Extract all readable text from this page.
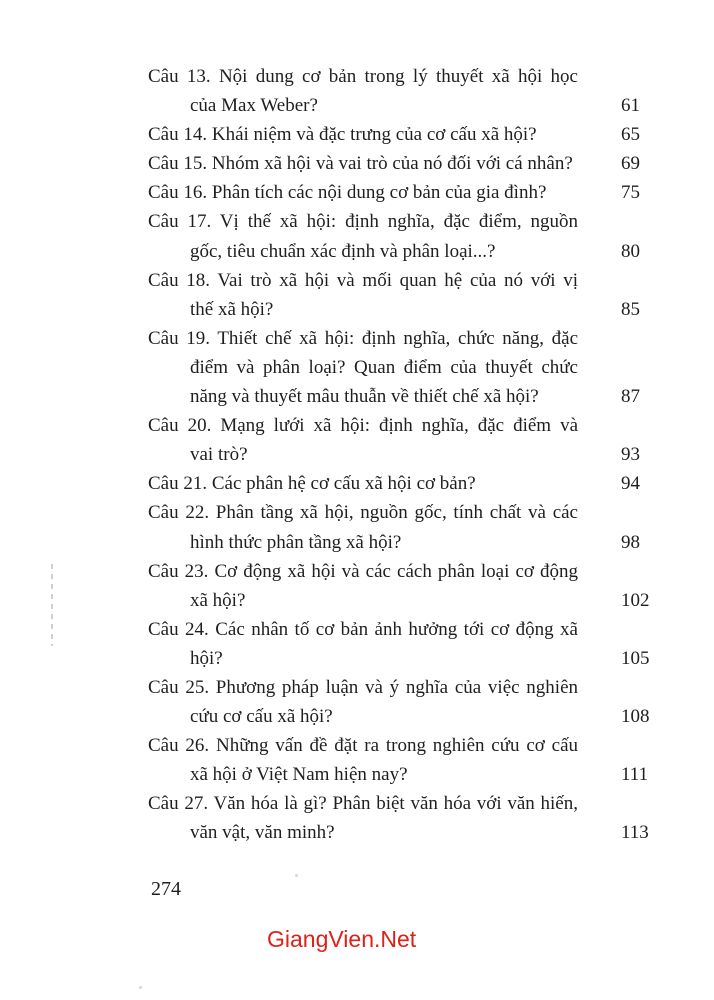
Câu 13. Nội dung cơ bản trong lý thuyết xã hội học
của Max Weber?	61
Câu 14. Khái niệm và đặc trưng của cơ cấu xã hội?	65
Câu 15. Nhóm xã hội và vai trò của nó đối với cá nhân?	69
Câu 16. Phân tích các nội dung cơ bản của gia đình?	75
Câu 17. Vị thế xã hội: định nghĩa, đặc điểm, nguồn
gốc, tiêu chuẩn xác định và phân loại...?	80
Câu 18. Vai trò xã hội và mối quan hệ của nó với vị
thế xã hội?	85
Câu 19. Thiết chế xã hội: định nghĩa, chức năng, đặc
điểm và phân loại? Quan điểm của thuyết chức
năng và thuyết mâu thuẫn về thiết chế xã hội?	87
Câu 20. Mạng lưới xã hội: định nghĩa, đặc điểm và
vai trò?	93
Câu 21. Các phân hệ cơ cấu xã hội cơ bản?	94
Câu 22. Phân tầng xã hội, nguồn gốc, tính chất và các
hình thức phân tầng xã hội?	98
Câu 23. Cơ động xã hội và các cách phân loại cơ động
xã hội?	102
Câu 24. Các nhân tố cơ bản ảnh hưởng tới cơ động xã
hội?	105
Câu 25. Phương pháp luận và ý nghĩa của việc nghiên
cứu cơ cấu xã hội?	108
Câu 26. Những vấn đề đặt ra trong nghiên cứu cơ cấu
xã hội ở Việt Nam hiện nay?	111
Câu 27. Văn hóa là gì? Phân biệt văn hóa với văn hiến,
văn vật, văn minh?	113
274
GiangVien.Net
